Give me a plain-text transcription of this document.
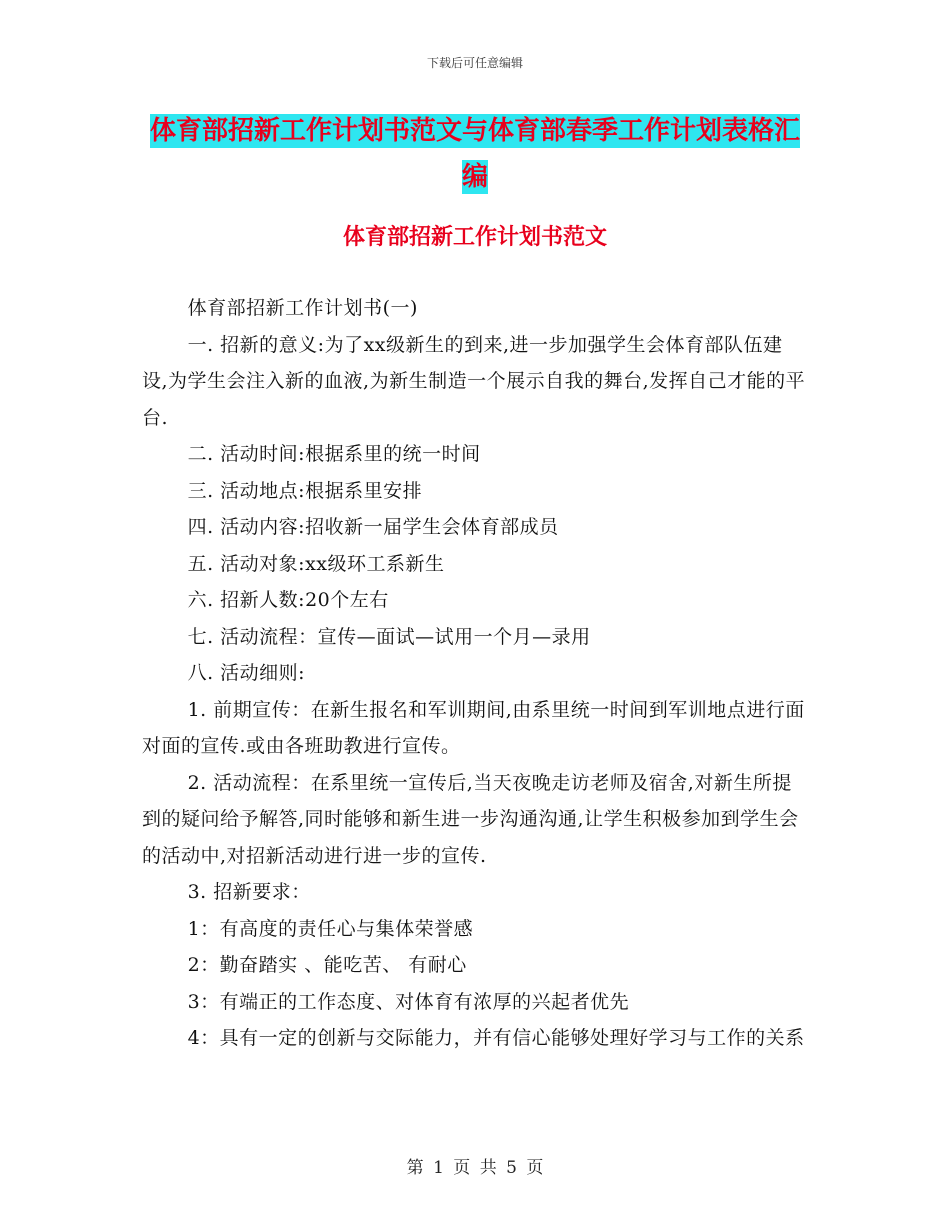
下载后可任意编辑
体育部招新工作计划书范文与体育部春季工作计划表格汇编
体育部招新工作计划书范文

体育部招新工作计划书(一)

一. 招新的意义:为了xx级新生的到来,进一步加强学生会体育部队伍建设,为学生会注入新的血液,为新生制造一个展示自我的舞台,发挥自己才能的平台.

二. 活动时间:根据系里的统一时间

三. 活动地点:根据系里安排

四. 活动内容:招收新一届学生会体育部成员

五. 活动对象:xx级环工系新生

六. 招新人数:20个左右

七. 活动流程：宣传—面试—试用一个月—录用

八. 活动细则:

1. 前期宣传：在新生报名和军训期间,由系里统一时间到军训地点进行面对面的宣传.或由各班助教进行宣传。

2. 活动流程：在系里统一宣传后,当天夜晚走访老师及宿舍,对新生所提到的疑问给予解答,同时能够和新生进一步沟通沟通,让学生积极参加到学生会的活动中,对招新活动进行进一步的宣传.

3. 招新要求：

1：有高度的责任心与集体荣誉感

2：勤奋踏实 、能吃苦、 有耐心

3：有端正的工作态度、对体育有浓厚的兴起者优先

4：具有一定的创新与交际能力，并有信心能够处理好学习与工作的关系

第 1 页 共 5 页
